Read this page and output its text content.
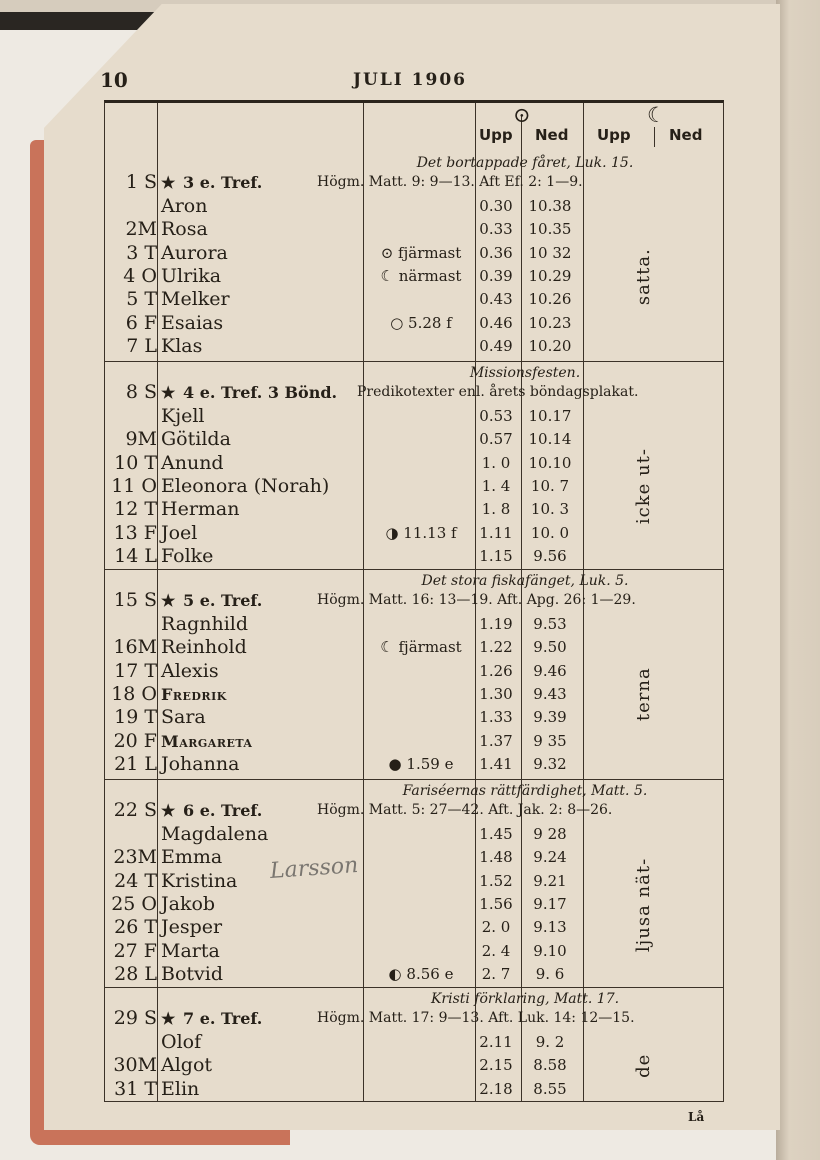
10	JULI 1906
⊙	☾
Upp Ned Upp	Ned
Det bortappade fåret, Luk. 15.
1 S ★ 3 e. Tref.	Högm. Matt. 9: 9—13. Aft Ef. 2: 1—9.
Aron	0.30	10.38
2M Rosa	0.33	10.35
3 T Aurora	⊙ fjärmast	0.36	10 32
4 O Ulrika	☾ närmast	0.39	10.29
5 T Melker	0.43	10.26
6 F Esaias	○ 5.28 f	0.46	10.23
7 L Klas	0.49	10.20
satta.
Missionsfesten.
8 S ★ 4 e. Tref. 3 Bönd. Predikotexter enl. årets böndagsplakat.
Kjell	0.53	10.17
9M Götilda	0.57	10.14
10 T Anund	1. 0	10.10
11 O Eleonora (Norah)	1. 4	10. 7
12 T Herman	1. 8	10. 3
13 F Joel	◑ 11.13 f	1.11	10. 0
14 L Folke	1.15	9.56
icke ut-
Det stora fiskafänget, Luk. 5.
15 S ★ 5 e. Tref.	Högm. Matt. 16: 13—19. Aft. Apg. 26: 1—29.
Ragnhild	1.19	9.53
16M Reinhold	☾ fjärmast	1.22	9.50
17 T Alexis	1.26	9.46
18 O Fredrik	1.30	9.43
19 T Sara	1.33	9.39
20 F Margareta	1.37	9 35
21 L Johanna	● 1.59 e	1.41	9.32
terna
Fariséernas rättfärdighet, Matt. 5.
22 S ★ 6 e. Tref.	Högm. Matt. 5: 27—42. Aft. Jak. 2: 8—26.
Magdalena	1.45	9 28
23M Emma	1.48	9.24
24 T Kristina	1.52	9.21
25 O Jakob	1.56	9.17
26 T Jesper	2. 0	9.13
27 F Marta	2. 4	9.10
28 L Botvid	◐ 8.56 e	2. 7	9. 6
ljusa nät-
Kristi förklaring, Matt. 17.
29 S ★ 7 e. Tref.	Högm. Matt. 17: 9—13. Aft. Luk. 14: 12—15.
Olof	2.11	9. 2
30M Algot	2.15	8.58
31 T Elin	2.18	8.55
de
Larsson
Lå
